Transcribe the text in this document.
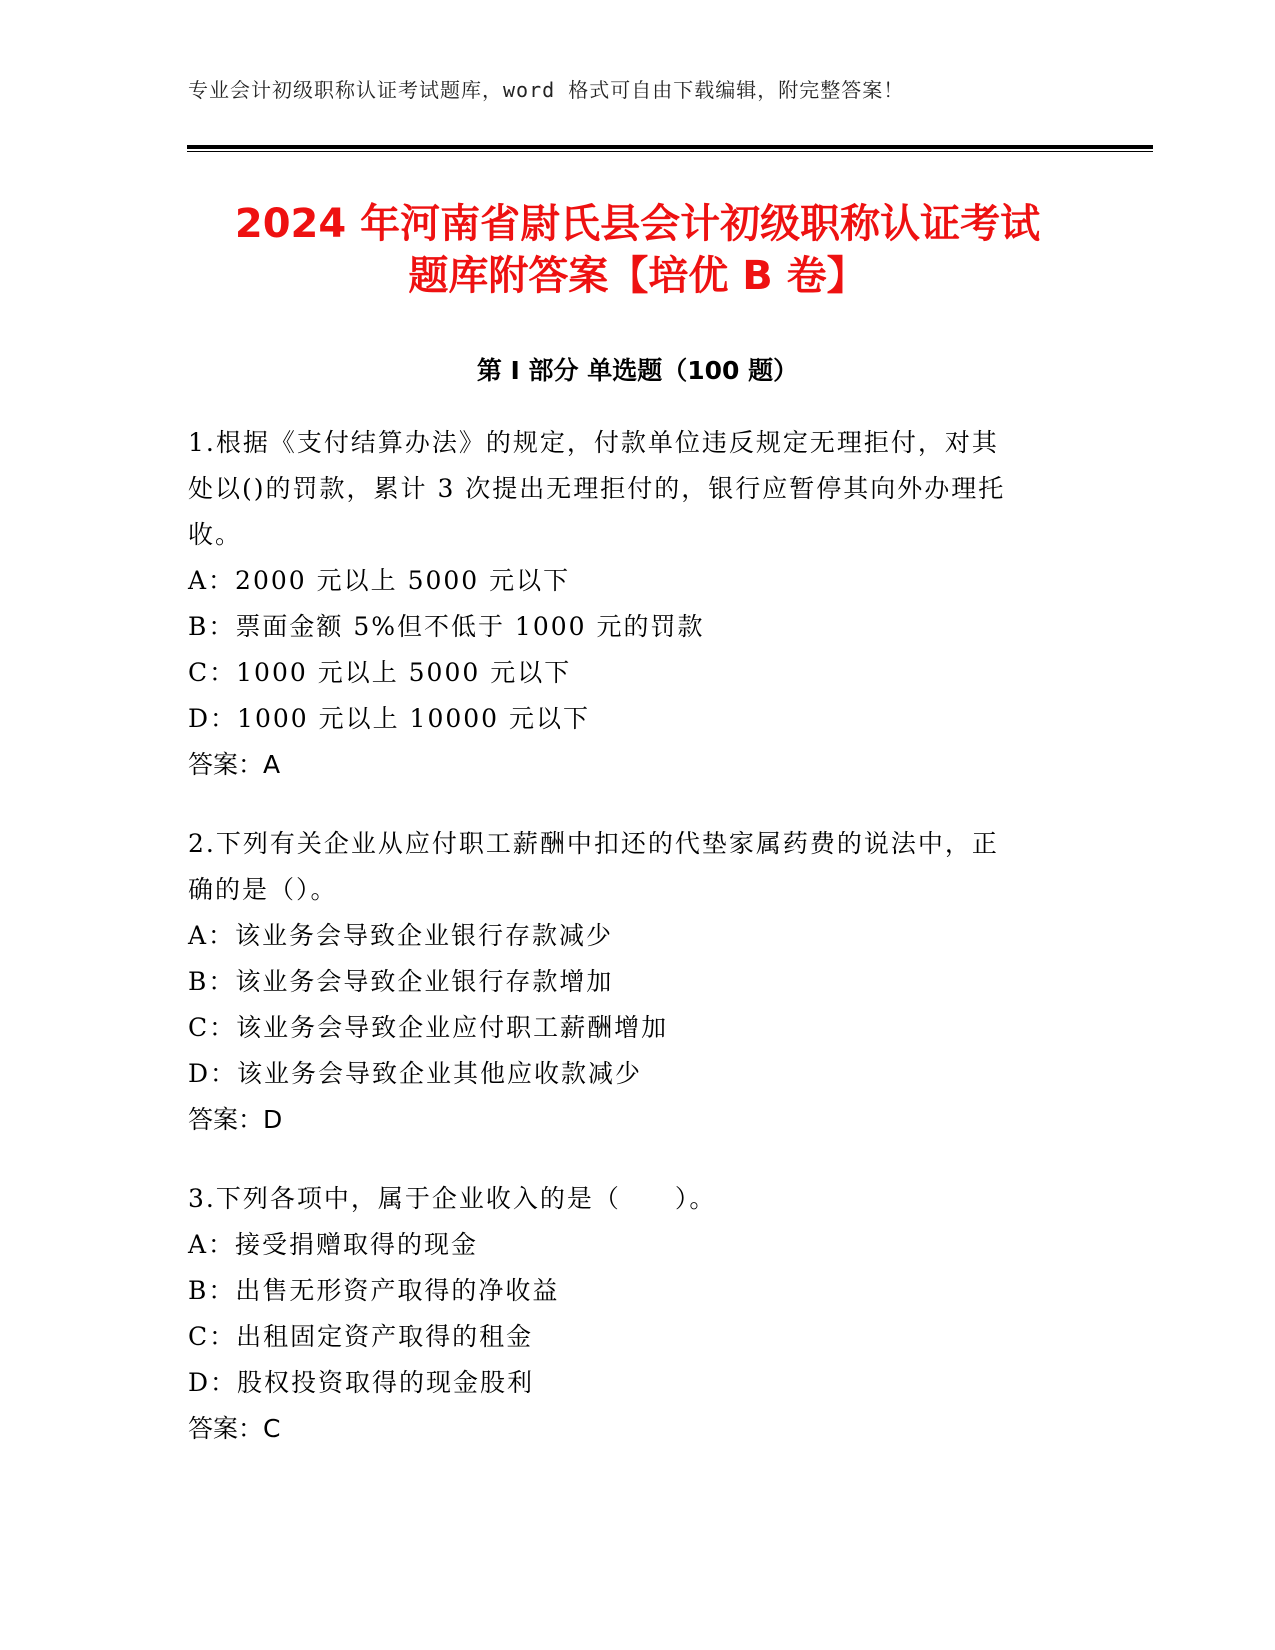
专业会计初级职称认证考试题库，word 格式可自由下载编辑，附完整答案！
2024 年河南省尉氏县会计初级职称认证考试
题库附答案【培优 B 卷】
第 I 部分 单选题（100 题）

1.根据《支付结算办法》的规定，付款单位违反规定无理拒付，对其

处以()的罚款，累计 3 次提出无理拒付的，银行应暂停其向外办理托

收。

A：2000 元以上 5000 元以下

B：票面金额 5%但不低于 1000 元的罚款

C：1000 元以上 5000 元以下

D：1000 元以上 10000 元以下

答案：A

2.下列有关企业从应付职工薪酬中扣还的代垫家属药费的说法中，正

确的是（）。

A：该业务会导致企业银行存款减少

B：该业务会导致企业银行存款增加

C：该业务会导致企业应付职工薪酬增加

D：该业务会导致企业其他应收款减少

答案：D

3.下列各项中，属于企业收入的是（　　）。

A：接受捐赠取得的现金

B：出售无形资产取得的净收益

C：出租固定资产取得的租金

D：股权投资取得的现金股利

答案：C
